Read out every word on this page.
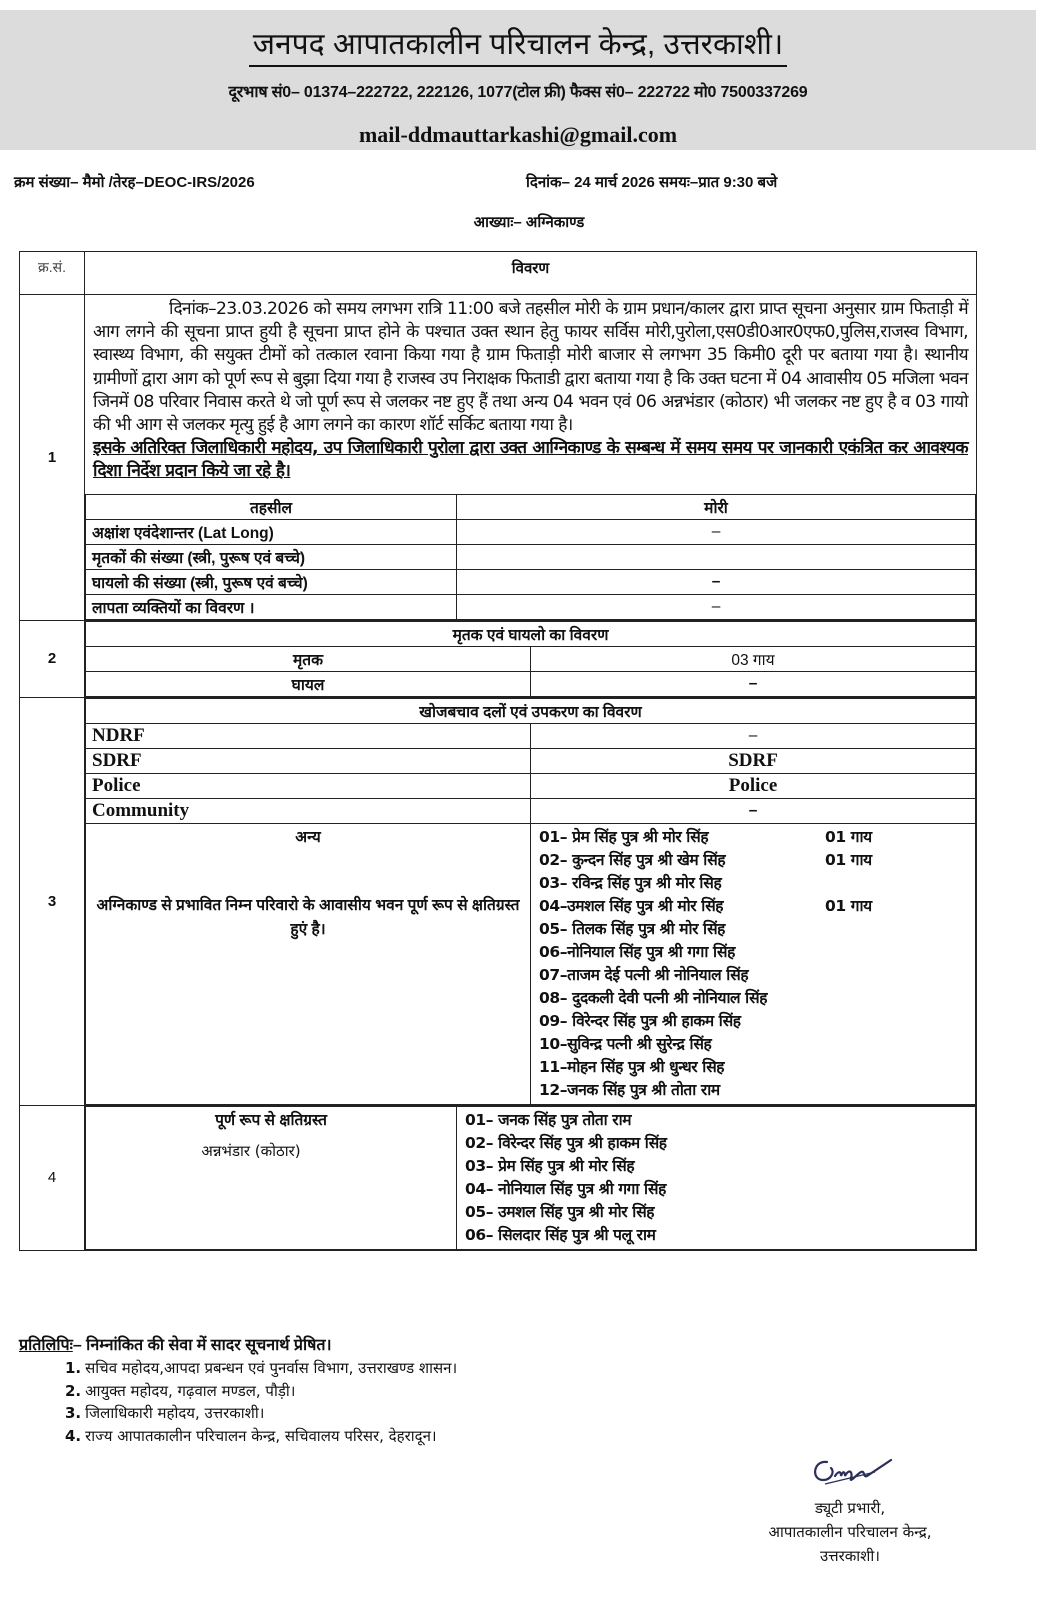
जनपद आपातकालीन परिचालन केन्द्र, उत्तरकाशी।
दूरभाष सं0– 01374–222722, 222126, 1077(टोल फ्री) फैक्स सं0– 222722 मो0 7500337269
mail-ddmauttarkashi@gmail.com
क्रम संख्या– मैमो /तेरह–DEOC-IRS/2026	दिनांक– 24 मार्च 2026 समयः–प्रात 9:30 बजे
आख्याः– अग्निकाण्ड
क्र.सं.	विवरण
1	
दिनांक–23.03.2026 को समय लगभग रात्रि 11:00 बजे तहसील मोरी के ग्राम प्रधान/कालर द्वारा प्राप्त सूचना अनुसार ग्राम फिताड़ी में आग लगने की सूचना प्राप्त हुयी है सूचना प्राप्त होने के पश्चात उक्त स्थान हेतु फायर सर्विस मोरी,पुरोला,एस0डी0आर0एफ0,पुलिस,राजस्व विभाग, स्वास्थ्य विभाग, की सयुक्त टीमों को तत्काल रवाना किया गया है ग्राम फिताड़ी मोरी बाजार से लगभग 35 किमी0 दूरी पर बताया गया है। स्थानीय ग्रामीणों द्वारा आग को पूर्ण रूप से बुझा दिया गया है राजस्व उप निराक्षक फिताडी द्वारा बताया गया है कि उक्त घटना में 04 आवासीय 05 मजिला भवन जिनमें 08 परिवार निवास करते थे जो पूर्ण रूप से जलकर नष्ट हुए हैं तथा अन्य 04 भवन एवं 06 अन्नभंडार (कोठार) भी जलकर नष्ट हुए है व 03 गायो की भी आग से जलकर मृत्यु हुई है आग लगने का कारण शॉर्ट सर्किट बताया गया है।
इसके अतिरिक्त जिलाधिकारी महोदय, उप जिलाधिकारी पुरोला द्वारा उक्त आग्निकाण्ड के सम्बन्ध में समय समय पर जानकारी एकंत्रित कर आवश्यक दिशा निर्देश प्रदान किये जा रहे है।
तहसील	मोरी
अक्षांश एवंदेशान्तर (Lat Long)	–
मृतकों की संख्या (स्त्री, पुरूष एवं बच्चे)	
घायलो की संख्या (स्त्री, पुरूष एवं बच्चे)	–
लापता व्यक्तियों का विवरण ।	–

2	
मृतक एवं घायलो का विवरण
मृतक	03 गाय
घायल	–

3	
खोजबचाव दलों एवं उपकरण का विवरण
NDRF	–
SDRF	SDRF
Police	Police
Community	–

अन्य
अग्निकाण्ड से प्रभावित निम्न परिवारो के आवासीय भवन पूर्ण रूप से क्षतिग्रस्त हुएं है।

01– प्रेम सिंह पुत्र श्री मोर सिंह	01 गाय
02– कुन्दन सिंह पुत्र श्री खेम सिंह	01 गाय
03– रविन्द्र सिंह पुत्र श्री मोर सिह
04–उमशल सिंह पुत्र श्री मोर सिंह	01 गाय
05– तिलक सिंह पुत्र श्री मोर सिंह
06–नोनियाल सिंह पुत्र श्री गगा सिंह
07–ताजम देई पत्नी श्री नोनियाल सिंह
08– दुदकली देवी पत्नी श्री नोनियाल सिंह
09– विरेन्दर सिंह पुत्र श्री हाकम सिंह
10–सुविन्द्र पत्नी श्री सुरेन्द्र सिंह
11–मोहन सिंह पुत्र श्री धुन्धर सिह
12–जनक सिंह पुत्र श्री तोता राम

4	
पूर्ण रूप से क्षतिग्रस्त
अन्नभंडार (कोठार)

01– जनक सिंह पुत्र तोता राम
02– विरेन्दर सिंह पुत्र श्री हाकम सिंह
03– प्रेम सिंह पुत्र श्री मोर सिंह
04– नोनियाल सिंह पुत्र श्री गगा सिंह
05– उमशल सिंह पुत्र श्री मोर सिंह
06– सिलदार सिंह पुत्र श्री पलू राम
प्रतिलिपिः– निम्नांकित की सेवा में सादर सूचनार्थ प्रेषित।
1. सचिव महोदय,आपदा प्रबन्धन एवं पुनर्वास विभाग, उत्तराखण्ड शासन।
2. आयुक्त महोदय, गढ़वाल मण्डल, पौड़ी।
3. जिलाधिकारी महोदय, उत्तरकाशी।
4. राज्य आपातकालीन परिचालन केन्द्र, सचिवालय परिसर, देहरादून।
ड्यूटी प्रभारी,
आपातकालीन परिचालन केन्द्र,
उत्तरकाशी।
